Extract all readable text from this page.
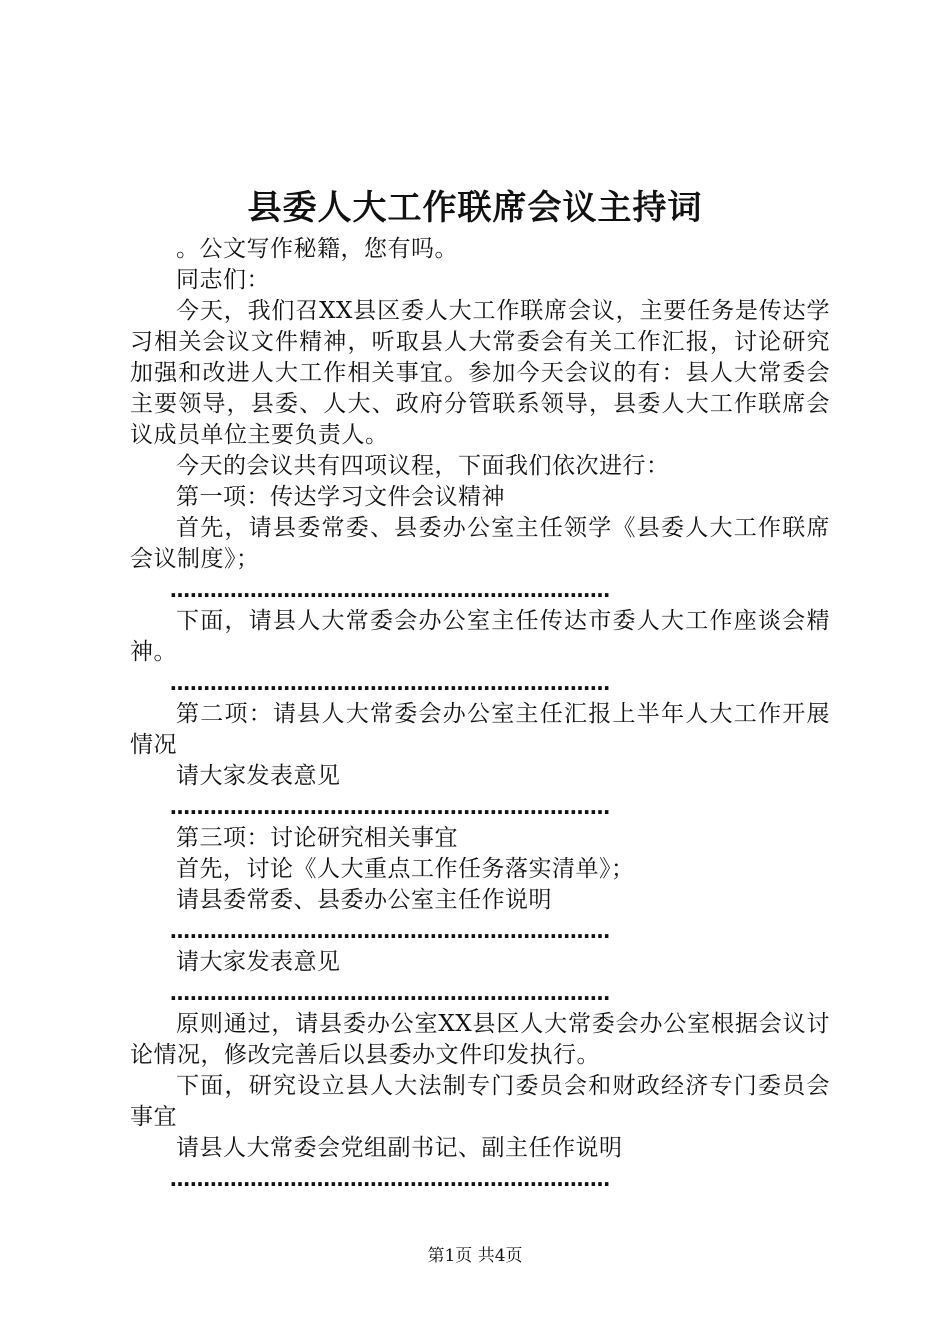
县委人大工作联席会议主持词

。公文写作秘籍，您有吗。

同志们：

今天，我们召XX县区委人大工作联席会议，主要任务是传达学习相关会议文件精神，听取县人大常委会有关工作汇报，讨论研究加强和改进人大工作相关事宜。参加今天会议的有：县人大常委会主要领导，县委、人大、政府分管联系领导，县委人大工作联席会议成员单位主要负责人。

今天的会议共有四项议程，下面我们依次进行：

第一项：传达学习文件会议精神

首先，请县委常委、县委办公室主任领学《县委人大工作联席会议制度》；

…………………………………………………………

下面，请县人大常委会办公室主任传达市委人大工作座谈会精神。

…………………………………………………………

第二项：请县人大常委会办公室主任汇报上半年人大工作开展情况

请大家发表意见

…………………………………………………………

第三项：讨论研究相关事宜

首先，讨论《人大重点工作任务落实清单》；

请县委常委、县委办公室主任作说明

…………………………………………………………

请大家发表意见

…………………………………………………………

原则通过，请县委办公室XX县区人大常委会办公室根据会议讨论情况，修改完善后以县委办文件印发执行。

下面，研究设立县人大法制专门委员会和财政经济专门委员会事宜

请县人大常委会党组副书记、副主任作说明

…………………………………………………………

第1页 共4页
